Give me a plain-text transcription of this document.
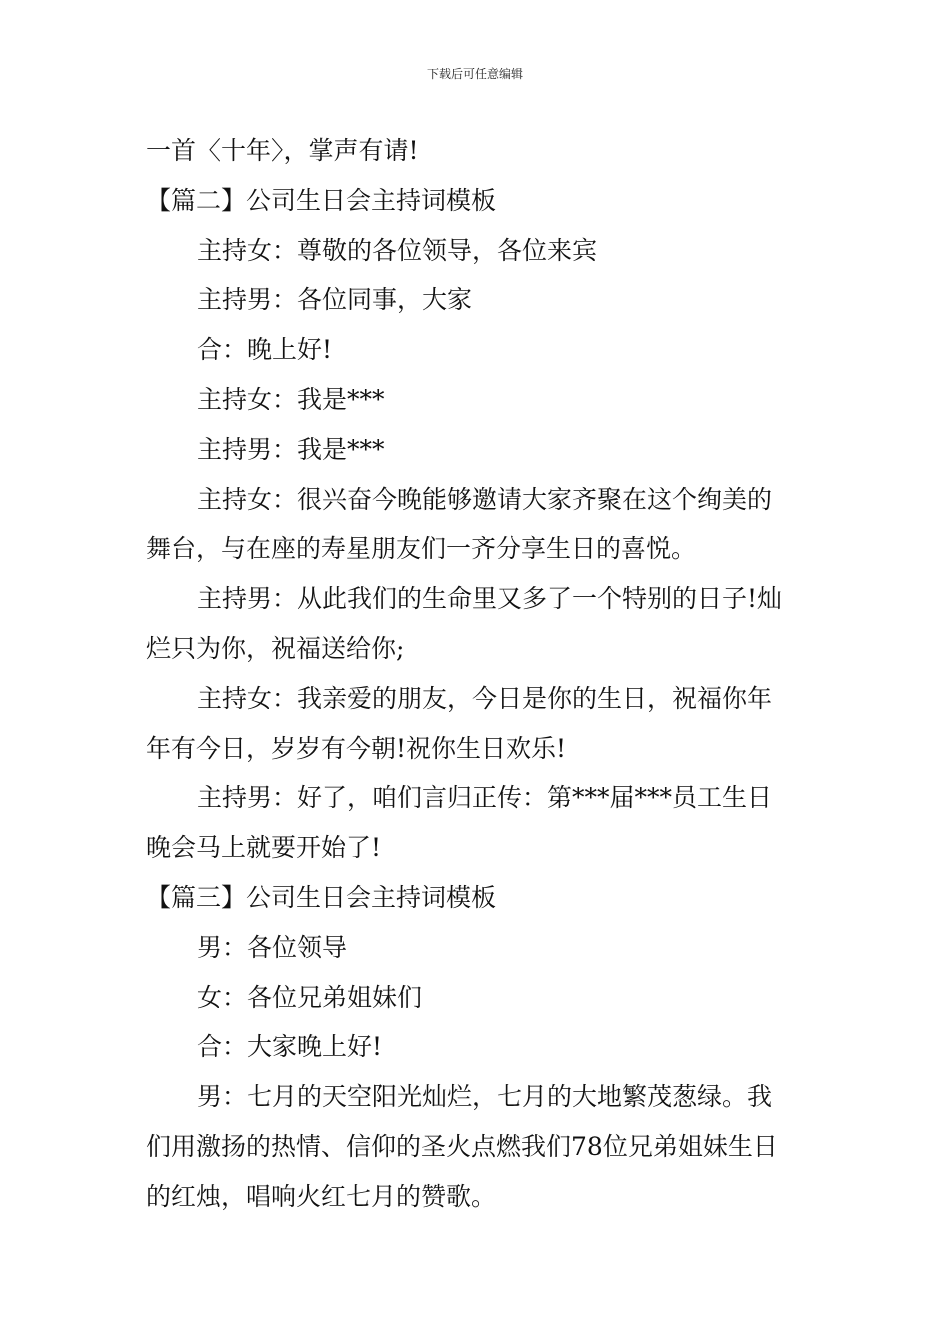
下载后可任意编辑

一首〈十年〉，掌声有请!

【篇二】公司生日会主持词模板

主持女：尊敬的各位领导，各位来宾

主持男：各位同事，大家

合：晚上好!

主持女：我是***

主持男：我是***

主持女：很兴奋今晚能够邀请大家齐聚在这个绚美的
舞台，与在座的寿星朋友们一齐分享生日的喜悦。
主持男：从此我们的生命里又多了一个特别的日子!灿
烂只为你，祝福送给你;
主持女：我亲爱的朋友，今日是你的生日，祝福你年
年有今日，岁岁有今朝!祝你生日欢乐!
主持男：好了，咱们言归正传：第***届***员工生日
晚会马上就要开始了!

【篇三】公司生日会主持词模板

男：各位领导

女：各位兄弟姐妹们

合：大家晚上好!

男：七月的天空阳光灿烂，七月的大地繁茂葱绿。我
们用激扬的热情、信仰的圣火点燃我们78位兄弟姐妹生日
的红烛，唱响火红七月的赞歌。
